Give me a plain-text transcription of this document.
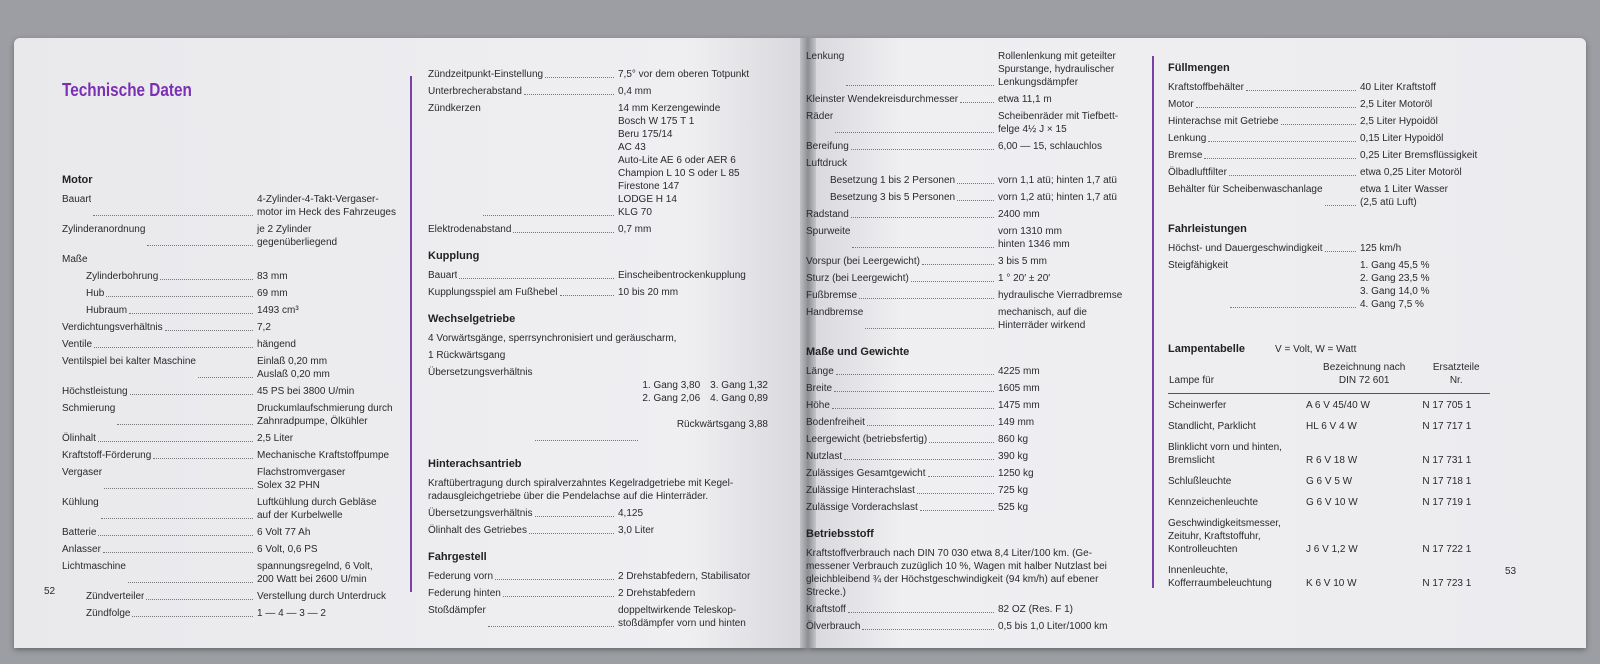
Technische Daten
Motor
Bauart	4-Zylinder-4-Takt-Vergaser-
motor im Heck des Fahrzeuges
Zylinderanordnung	je 2 Zylinder
gegenüberliegend
Maße
Zylinderbohrung	83 mm
Hub	69 mm
Hubraum	1493 cm³
Verdichtungsverhältnis	7,2
Ventile	hängend
Ventilspiel bei kalter Maschine	Einlaß 0,20 mm
Auslaß 0,20 mm
Höchstleistung	45 PS bei 3800 U/min
Schmierung	Druckumlaufschmierung durch
Zahnradpumpe, Ölkühler
Ölinhalt	2,5 Liter
Kraftstoff-Förderung	Mechanische Kraftstoffpumpe
Vergaser	Flachstromvergaser
Solex 32 PHN
Kühlung	Luftkühlung durch Gebläse
auf der Kurbelwelle
Batterie	6 Volt 77 Ah
Anlasser	6 Volt, 0,6 PS
Lichtmaschine	spannungsregelnd, 6 Volt,
200 Watt bei 2600 U/min
Zündverteiler	Verstellung durch Unterdruck
Zündfolge	1 — 4 — 3 — 2
52
Zündzeitpunkt-Einstellung	7,5° vor dem oberen Totpunkt
Unterbrecherabstand	0,4 mm
Zündkerzen	14 mm Kerzengewinde
Bosch W 175 T 1
Beru 175/14
AC 43
Auto-Lite AE 6 oder AER 6
Champion L 10 S oder L 85
Firestone 147
LODGE H 14
KLG 70
Elektrodenabstand	0,7 mm
Kupplung
Bauart	Einscheibentrockenkupplung
Kupplungsspiel am Fußhebel	10 bis 20 mm
Wechselgetriebe
4 Vorwärtsgänge, sperrsynchronisiert und geräuscharm,
1 Rückwärtsgang
Übersetzungsverhältnis

1. Gang 3,80 3. Gang 1,32
2. Gang 2,06 4. Gang 0,89

Rückwärtsgang 3,88

Hinterachsantrieb
Kraftübertragung durch spiralverzahntes Kegelradgetriebe mit Kegel-
radausgleichgetriebe über die Pendelachse auf die Hinterräder.
Übersetzungsverhältnis	4,125
Ölinhalt des Getriebes	3,0 Liter
Fahrgestell
Federung vorn	2 Drehstabfedern, Stabilisator
Federung hinten	2 Drehstabfedern
Stoßdämpfer	doppeltwirkende Teleskop-
stoßdämpfer vorn und hinten
Lenkung	Rollenlenkung mit geteilter
Spurstange, hydraulischer
Lenkungsdämpfer
Kleinster Wendekreisdurchmesser	etwa 11,1 m
Räder	Scheibenräder mit Tiefbett-
felge 4½ J × 15
Bereifung	6,00 — 15, schlauchlos
Luftdruck
Besetzung 1 bis 2 Personen	vorn 1,1 atü; hinten 1,7 atü
Besetzung 3 bis 5 Personen	vorn 1,2 atü; hinten 1,7 atü
Radstand	2400 mm
Spurweite	vorn 1310 mm
hinten 1346 mm
Vorspur (bei Leergewicht)	3 bis 5 mm
Sturz (bei Leergewicht)	1 ° 20′ ± 20′
Fußbremse	hydraulische Vierradbremse
Handbremse	mechanisch, auf die
Hinterräder wirkend
Maße und Gewichte
Länge	4225 mm
Breite	1605 mm
Höhe	1475 mm
Bodenfreiheit	149 mm
Leergewicht (betriebsfertig)	860 kg
Nutzlast	390 kg
Zulässiges Gesamtgewicht	1250 kg
Zulässige Hinterachslast	725 kg
Zulässige Vorderachslast	525 kg
Betriebsstoff
Kraftstoffverbrauch nach DIN 70 030 etwa 8,4 Liter/100 km. (Ge-
messener Verbrauch zuzüglich 10 %, Wagen mit halber Nutzlast bei
gleichbleibend ¾ der Höchstgeschwindigkeit (94 km/h) auf ebener
Strecke.)
Kraftstoff	82 OZ (Res. F 1)
Ölverbrauch	0,5 bis 1,0 Liter/1000 km
Füllmengen
Kraftstoffbehälter	40 Liter Kraftstoff
Motor	2,5 Liter Motoröl
Hinterachse mit Getriebe	2,5 Liter Hypoidöl
Lenkung	0,15 Liter Hypoidöl
Bremse	0,25 Liter Bremsflüssigkeit
Ölbadluftfilter	etwa 0,25 Liter Motoröl
Behälter für Scheibenwaschanlage	etwa 1 Liter Wasser
(2,5 atü Luft)
Fahrleistungen
Höchst- und Dauergeschwindigkeit	125 km/h
Steigfähigkeit	1. Gang 45,5 %
2. Gang 23,5 %
3. Gang 14,0 %
4. Gang 7,5 %
Lampentabelle	V = Volt, W = Watt
Lampe für	Bezeichnung nach
DIN 72 601	Ersatzteile
Nr.
Scheinwerfer	A 6 V 45/40 W	N 17 705 1
Standlicht, Parklicht	HL 6 V 4 W	N 17 717 1
Blinklicht vorn und hinten,
Bremslicht	R 6 V 18 W	N 17 731 1
Schlußleuchte	G 6 V 5 W	N 17 718 1
Kennzeichenleuchte	G 6 V 10 W	N 17 719 1
Geschwindigkeitsmesser,
Zeituhr, Kraftstoffuhr,
Kontrolleuchten	J 6 V 1,2 W	N 17 722 1
Innenleuchte,
Kofferraumbeleuchtung	K 6 V 10 W	N 17 723 1
53
